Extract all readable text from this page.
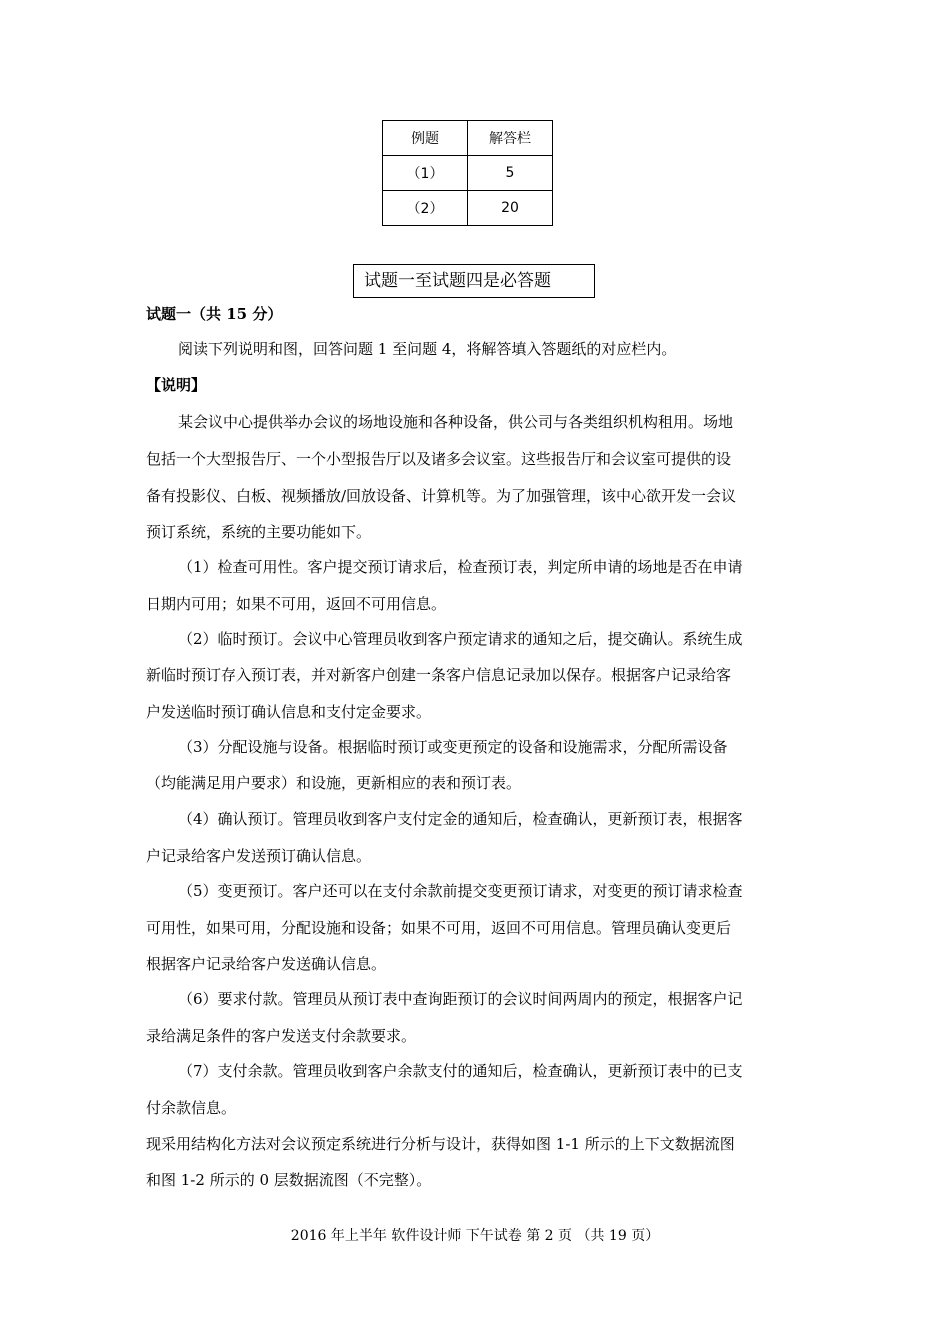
例题	解答栏
（1）	5
（2）	20
试题一至试题四是必答题
试题一（共 15 分）
阅读下列说明和图，回答问题 1 至问题 4，将解答填入答题纸的对应栏内。
【说明】
某会议中心提供举办会议的场地设施和各种设备，供公司与各类组织机构租用。场地
包括一个大型报告厅、一个小型报告厅以及诸多会议室。这些报告厅和会议室可提供的设
备有投影仪、白板、视频播放/回放设备、计算机等。为了加强管理，该中心欲开发一会议
预订系统，系统的主要功能如下。
（1）检查可用性。客户提交预订请求后，检查预订表，判定所申请的场地是否在申请
日期内可用；如果不可用，返回不可用信息。
（2）临时预订。会议中心管理员收到客户预定请求的通知之后，提交确认。系统生成
新临时预订存入预订表，并对新客户创建一条客户信息记录加以保存。根据客户记录给客
户发送临时预订确认信息和支付定金要求。
（3）分配设施与设备。根据临时预订或变更预定的设备和设施需求，分配所需设备
（均能满足用户要求）和设施，更新相应的表和预订表。
（4）确认预订。管理员收到客户支付定金的通知后，检查确认，更新预订表，根据客
户记录给客户发送预订确认信息。
（5）变更预订。客户还可以在支付余款前提交变更预订请求，对变更的预订请求检查
可用性，如果可用，分配设施和设备；如果不可用，返回不可用信息。管理员确认变更后
根据客户记录给客户发送确认信息。
（6）要求付款。管理员从预订表中查询距预订的会议时间两周内的预定，根据客户记
录给满足条件的客户发送支付余款要求。
（7）支付余款。管理员收到客户余款支付的通知后，检查确认，更新预订表中的已支
付余款信息。
现采用结构化方法对会议预定系统进行分析与设计，获得如图 1-1 所示的上下文数据流图
和图 1-2 所示的 0 层数据流图（不完整）。
2016 年上半年 软件设计师 下午试卷 第 2 页 （共 19 页）
